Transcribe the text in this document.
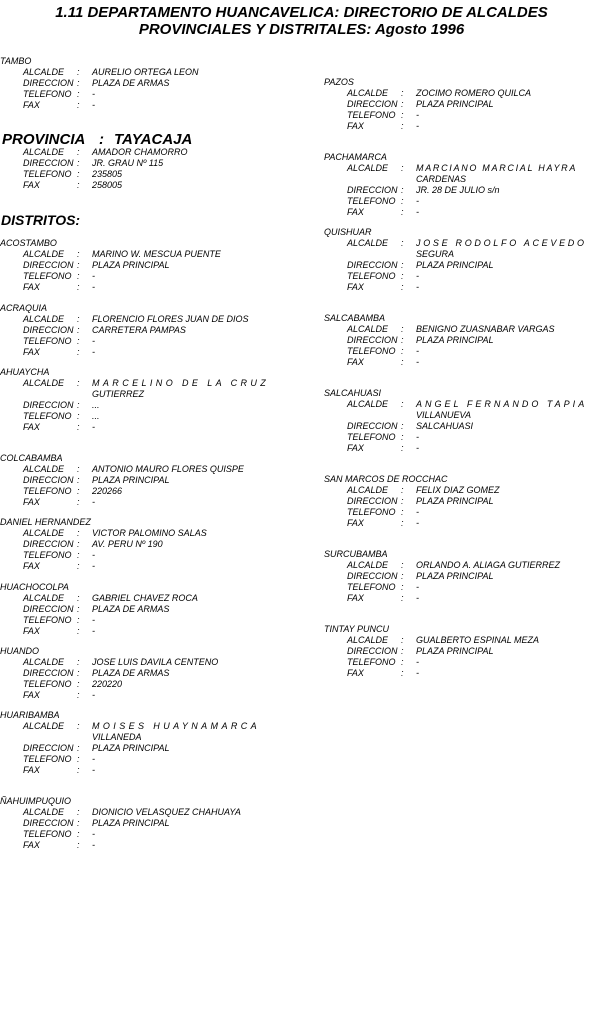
1.11 DEPARTAMENTO HUANCAVELICA: DIRECTORIO DE ALCALDES
PROVINCIALES Y DISTRITALES: Agosto 1996
TAMBO
ALCALDE	:	AURELIO ORTEGA LEON
DIRECCION :	PLAZA DE ARMAS
TELEFONO :	-
FAX	:	-
PROVINCIA : TAYACAJA
ALCALDE	:	AMADOR CHAMORRO
DIRECCION :	JR. GRAU Nº 115
TELEFONO :	235805
FAX	:	258005
DISTRITOS:
ACOSTAMBO
ALCALDE	:	MARINO W. MESCUA PUENTE
DIRECCION :	PLAZA PRINCIPAL
TELEFONO :	-
FAX	:	-
ACRAQUIA
ALCALDE	:	FLORENCIO FLORES JUAN DE DIOS
DIRECCION :	CARRETERA PAMPAS
TELEFONO :	-
FAX	:	-
AHUAYCHA
ALCALDE	:	MARCELINO DE LA CRUZ
GUTIERREZ
DIRECCION :	...
TELEFONO :	...
FAX	:	-
COLCABAMBA
ALCALDE	:	ANTONIO MAURO FLORES QUISPE
DIRECCION :	PLAZA PRINCIPAL
TELEFONO :	220266
FAX	:	-
DANIEL HERNANDEZ
ALCALDE	:	VICTOR PALOMINO SALAS
DIRECCION :	AV. PERU Nº 190
TELEFONO :	-
FAX	:	-
HUACHOCOLPA
ALCALDE	:	GABRIEL CHAVEZ ROCA
DIRECCION :	PLAZA DE ARMAS
TELEFONO :	-
FAX	:	-
HUANDO
ALCALDE	:	JOSE LUIS DAVILA CENTENO
DIRECCION :	PLAZA DE ARMAS
TELEFONO :	220220
FAX	:	-
HUARIBAMBA
ALCALDE	:	MOISES HUAYNAMARCA
VILLANEDA
DIRECCION :	PLAZA PRINCIPAL
TELEFONO :	-
FAX	:	-
ÑAHUIMPUQUIO
ALCALDE	:	DIONICIO VELASQUEZ CHAHUAYA
DIRECCION :	PLAZA PRINCIPAL
TELEFONO :	-
FAX	:	-
PAZOS
ALCALDE	:	ZOCIMO ROMERO QUILCA
DIRECCION :	PLAZA PRINCIPAL
TELEFONO :	-
FAX	:	-
PACHAMARCA
ALCALDE	:	MARCIANO MARCIAL HAYRA
CARDENAS
DIRECCION :	JR. 28 DE JULIO s/n
TELEFONO :	-
FAX	:	-
QUISHUAR
ALCALDE	:	JOSE RODOLFO ACEVEDO
SEGURA
DIRECCION :	PLAZA PRINCIPAL
TELEFONO :	-
FAX	:	-
SALCABAMBA
ALCALDE	:	BENIGNO ZUASNABAR VARGAS
DIRECCION :	PLAZA PRINCIPAL
TELEFONO :	-
FAX	:	-
SALCAHUASI
ALCALDE	:	ANGEL FERNANDO TAPIA
VILLANUEVA
DIRECCION :	SALCAHUASI
TELEFONO :	-
FAX	:	-
SAN MARCOS DE ROCCHAC
ALCALDE	:	FELIX DIAZ GOMEZ
DIRECCION :	PLAZA PRINCIPAL
TELEFONO :	-
FAX	:	-
SURCUBAMBA
ALCALDE	:	ORLANDO A. ALIAGA GUTIERREZ
DIRECCION :	PLAZA PRINCIPAL
TELEFONO :	-
FAX	:	-
TINTAY PUNCU
ALCALDE	:	GUALBERTO ESPINAL MEZA
DIRECCION :	PLAZA PRINCIPAL
TELEFONO :	-
FAX	:	-
